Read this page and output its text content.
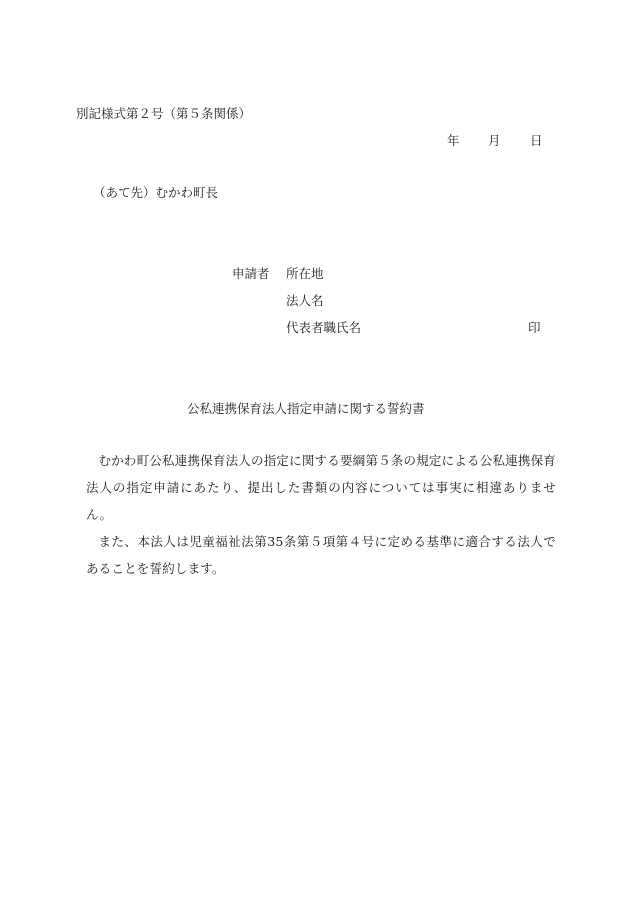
別記様式第２号（第５条関係）
年 月 日
（あて先）むかわ町長
申請者 所在地
法人名
代表者職氏名	印
公私連携保育法人指定申請に関する誓約書

むかわ町公私連携保育法人の指定に関する要綱第５条の規定による公私連携保育法人の指定申請にあたり、提出した書類の内容については事実に相違ありません。

また、本法人は児童福祉法第35条第５項第４号に定める基準に適合する法人であることを誓約します。
